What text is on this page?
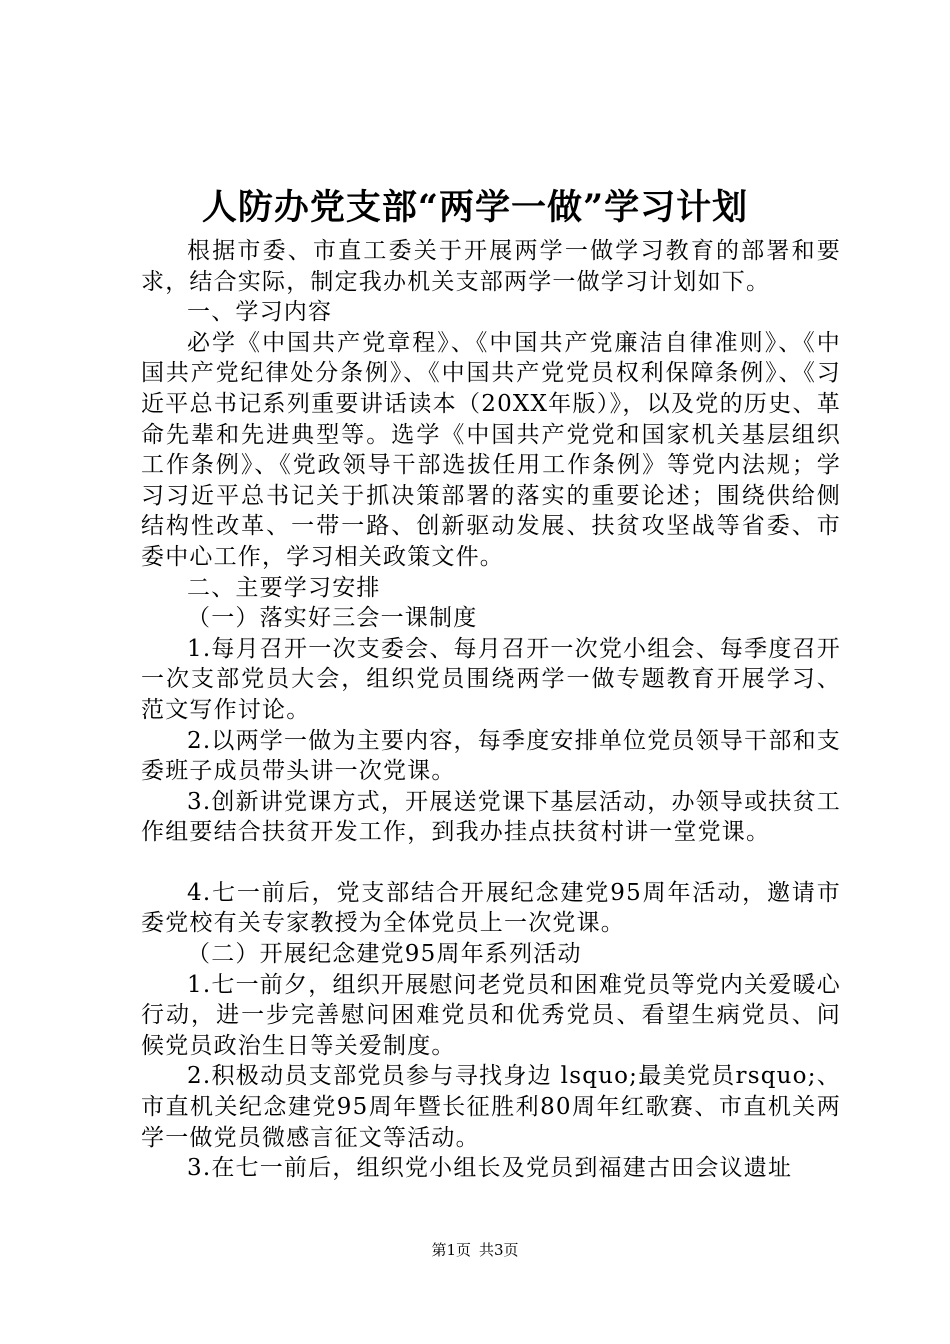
人防办党支部“两学一做”学习计划

根据市委、市直工委关于开展两学一做学习教育的部署和要求，结合实际，制定我办机关支部两学一做学习计划如下。

一、学习内容

必学《中国共产党章程》、《中国共产党廉洁自律准则》、《中国共产党纪律处分条例》、《中国共产党党员权利保障条例》、《习近平总书记系列重要讲话读本（20XX年版）》，以及党的历史、革命先辈和先进典型等。选学《中国共产党党和国家机关基层组织工作条例》、《党政领导干部选拔任用工作条例》等党内法规；学习习近平总书记关于抓决策部署的落实的重要论述；围绕供给侧结构性改革、一带一路、创新驱动发展、扶贫攻坚战等省委、市委中心工作，学习相关政策文件。

二、主要学习安排

（一）落实好三会一课制度

1.每月召开一次支委会、每月召开一次党小组会、每季度召开一次支部党员大会，组织党员围绕两学一做专题教育开展学习、范文写作讨论。

2.以两学一做为主要内容，每季度安排单位党员领导干部和支委班子成员带头讲一次党课。

3.创新讲党课方式，开展送党课下基层活动，办领导或扶贫工作组要结合扶贫开发工作，到我办挂点扶贫村讲一堂党课。

4.七一前后，党支部结合开展纪念建党95周年活动，邀请市委党校有关专家教授为全体党员上一次党课。

（二）开展纪念建党95周年系列活动

1.七一前夕，组织开展慰问老党员和困难党员等党内关爱暖心行动，进一步完善慰问困难党员和优秀党员、看望生病党员、问候党员政治生日等关爱制度。

2.积极动员支部党员参与寻找身边 lsquo;最美党员rsquo;、市直机关纪念建党95周年暨长征胜利80周年红歌赛、市直机关两学一做党员微感言征文等活动。

3.在七一前后，组织党小组长及党员到福建古田会议遗址

第1页 共3页
